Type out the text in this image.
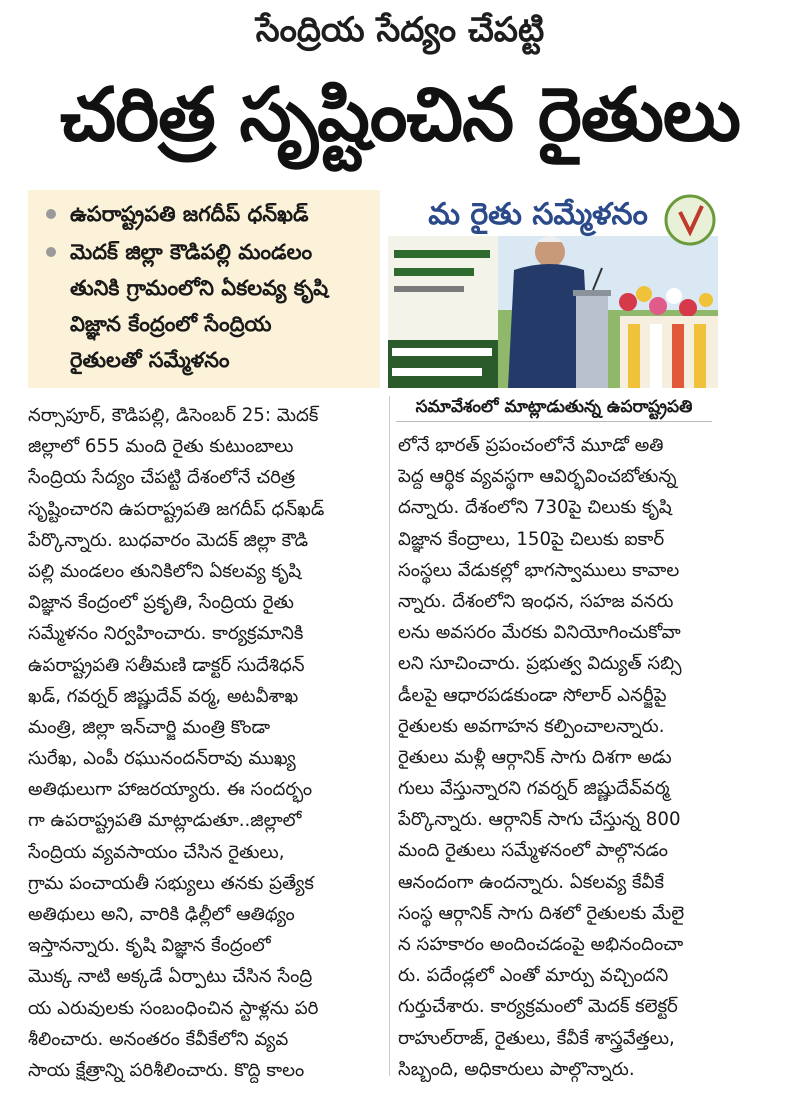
సేంద్రియ సేద్యం చేపట్టి
చరిత్ర సృష్టించిన రైతులు
ఉపరాష్ట్రపతి జగదీప్ ధన్‌ఖడ్
మెదక్ జిల్లా కౌడిపల్లి మండలం
తునికి గ్రామంలోని ఏకలవ్య కృషి
విజ్ఞాన కేంద్రంలో సేంద్రియ
రైతులతో సమ్మేళనం
మ రైతు సమ్మేళనం
సమావేశంలో మాట్లాడుతున్న ఉపరాష్ట్రపతి
నర్సాపూర్, కౌడిపల్లి, డిసెంబర్ 25: మెదక్
జిల్లాలో 655 మంది రైతు కుటుంబాలు
సేంద్రియ సేద్యం చేపట్టి దేశంలోనే చరిత్ర
సృష్టించారని ఉపరాష్ట్రపతి జగదీప్ ధన్‌ఖడ్
పేర్కొన్నారు. బుధవారం మెదక్ జిల్లా కౌడి
పల్లి మండలం తునికిలోని ఏకలవ్య కృషి
విజ్ఞాన కేంద్రంలో ప్రకృతి, సేంద్రియ రైతు
సమ్మేళనం నిర్వహించారు. కార్యక్రమానికి
ఉపరాష్ట్రపతి సతీమణి డాక్టర్ సుదేశిధన్
ఖడ్, గవర్నర్ జిష్ణుదేవ్ వర్మ, అటవీశాఖ
మంత్రి, జిల్లా ఇన్‌చార్జి మంత్రి కొండా
సురేఖ, ఎంపీ రఘునందన్‌రావు ముఖ్య
అతిథులుగా హాజరయ్యారు. ఈ సందర్భం
గా ఉపరాష్ట్రపతి మాట్లాడుతూ..జిల్లాలో
సేంద్రియ వ్యవసాయం చేసిన రైతులు,
గ్రామ పంచాయతీ సభ్యులు తనకు ప్రత్యేక
అతిథులు అని, వారికి ఢిల్లీలో ఆతిథ్యం
ఇస్తానన్నారు. కృషి విజ్ఞాన కేంద్రంలో
మొక్క నాటి అక్కడే ఏర్పాటు చేసిన సేంద్రి
య ఎరువులకు సంబంధించిన స్టాళ్లను పరి
శీలించారు. అనంతరం కేవీకేలోని వ్యవ
సాయ క్షేత్రాన్ని పరిశీలించారు. కొద్ది కాలం
లోనే భారత్ ప్రపంచంలోనే మూడో అతి
పెద్ద ఆర్థిక వ్యవస్థగా ఆవిర్భవించబోతున్న
దన్నారు. దేశంలోని 730పై చిలుకు కృషి
విజ్ఞాన కేంద్రాలు, 150పై చిలుకు ఐకార్
సంస్థలు వేడుకల్లో భాగస్వాములు కావాల
న్నారు. దేశంలోని ఇంధన, సహజ వనరు
లను అవసరం మేరకు వినియోగించుకోవా
లని సూచించారు. ప్రభుత్వ విద్యుత్ సబ్సి
డీలపై ఆధారపడకుండా సోలార్ ఎనర్జీపై
రైతులకు అవగాహన కల్పించాలన్నారు.
రైతులు మళ్లీ ఆర్గానిక్ సాగు దిశగా అడు
గులు వేస్తున్నారని గవర్నర్ జిష్ణుదేవ్‌వర్మ
పేర్కొన్నారు. ఆర్గానిక్ సాగు చేస్తున్న 800
మంది రైతులు సమ్మేళనంలో పాల్గొనడం
ఆనందంగా ఉందన్నారు. ఏకలవ్య కేవీకే
సంస్థ ఆర్గానిక్ సాగు దిశలో రైతులకు మేలై
న సహకారం అందించడంపై అభినందించా
రు. పదేండ్లలో ఎంతో మార్పు వచ్చిందని
గుర్తుచేశారు. కార్యక్రమంలో మెదక్ కలెక్టర్
రాహుల్‌రాజ్, రైతులు, కేవీకే శాస్త్రవేత్తలు,
సిబ్బంది, అధికారులు పాల్గొన్నారు.
